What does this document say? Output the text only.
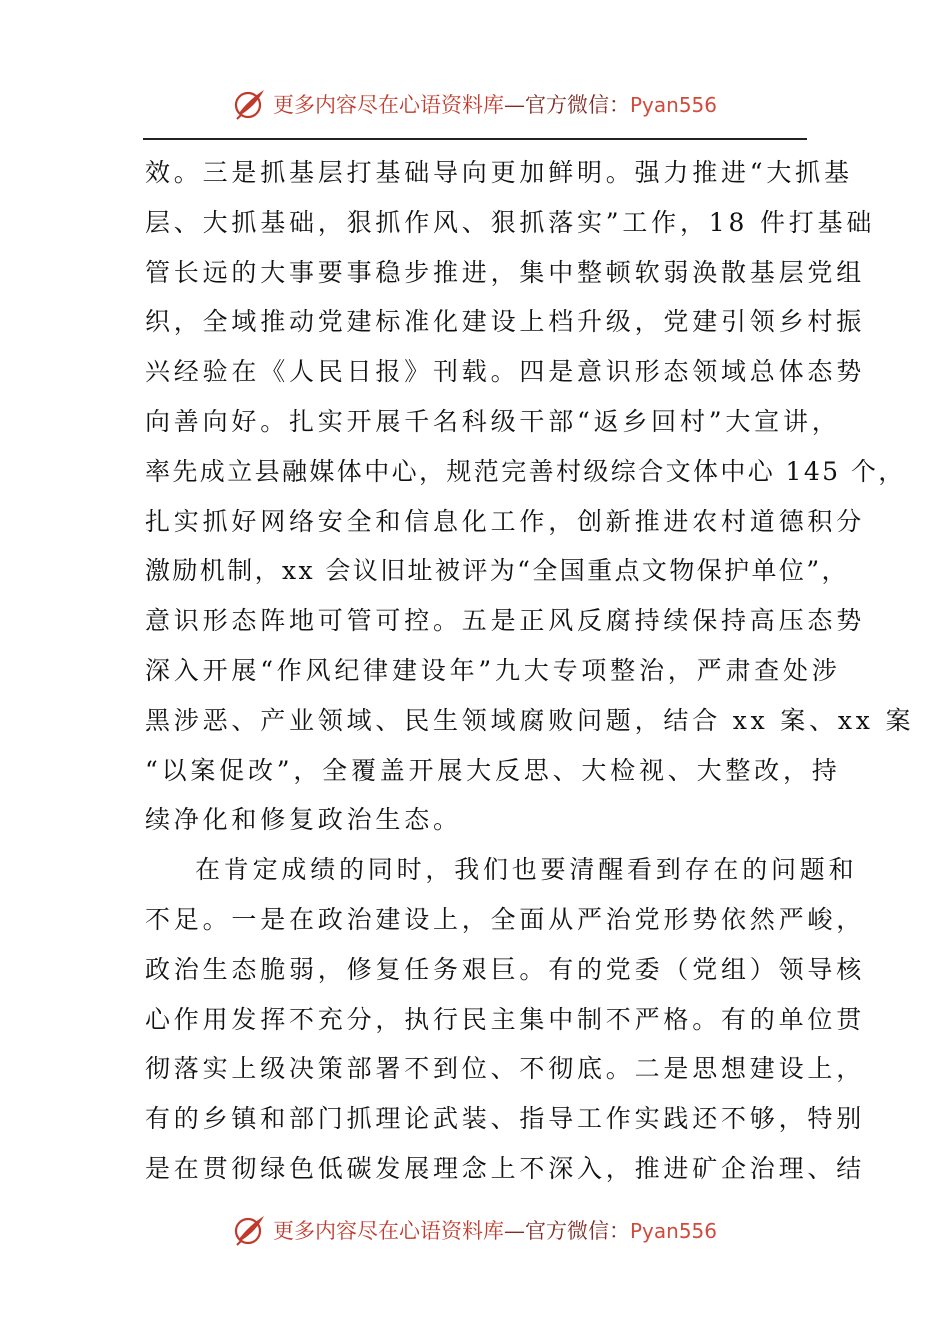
更多内容尽在心语资料库—官方微信：Pyan556
效。三是抓基层打基础导向更加鲜明。强力推进“大抓基
层、大抓基础，狠抓作风、狠抓落实”工作，18 件打基础
管长远的大事要事稳步推进，集中整顿软弱涣散基层党组
织，全域推动党建标准化建设上档升级，党建引领乡村振
兴经验在《人民日报》刊载。四是意识形态领域总体态势
向善向好。扎实开展千名科级干部“返乡回村”大宣讲，
率先成立县融媒体中心，规范完善村级综合文体中心 145 个，
扎实抓好网络安全和信息化工作，创新推进农村道德积分
激励机制，xx 会议旧址被评为“全国重点文物保护单位”，
意识形态阵地可管可控。五是正风反腐持续保持高压态势
深入开展“作风纪律建设年”九大专项整治，严肃查处涉
黑涉恶、产业领域、民生领域腐败问题，结合 xx 案、xx 案
“以案促改”，全覆盖开展大反思、大检视、大整改，持
续净化和修复政治生态。
在肯定成绩的同时，我们也要清醒看到存在的问题和
不足。一是在政治建设上，全面从严治党形势依然严峻，
政治生态脆弱，修复任务艰巨。有的党委（党组）领导核
心作用发挥不充分，执行民主集中制不严格。有的单位贯
彻落实上级决策部署不到位、不彻底。二是思想建设上，
有的乡镇和部门抓理论武装、指导工作实践还不够，特别
是在贯彻绿色低碳发展理念上不深入，推进矿企治理、结
更多内容尽在心语资料库—官方微信：Pyan556
